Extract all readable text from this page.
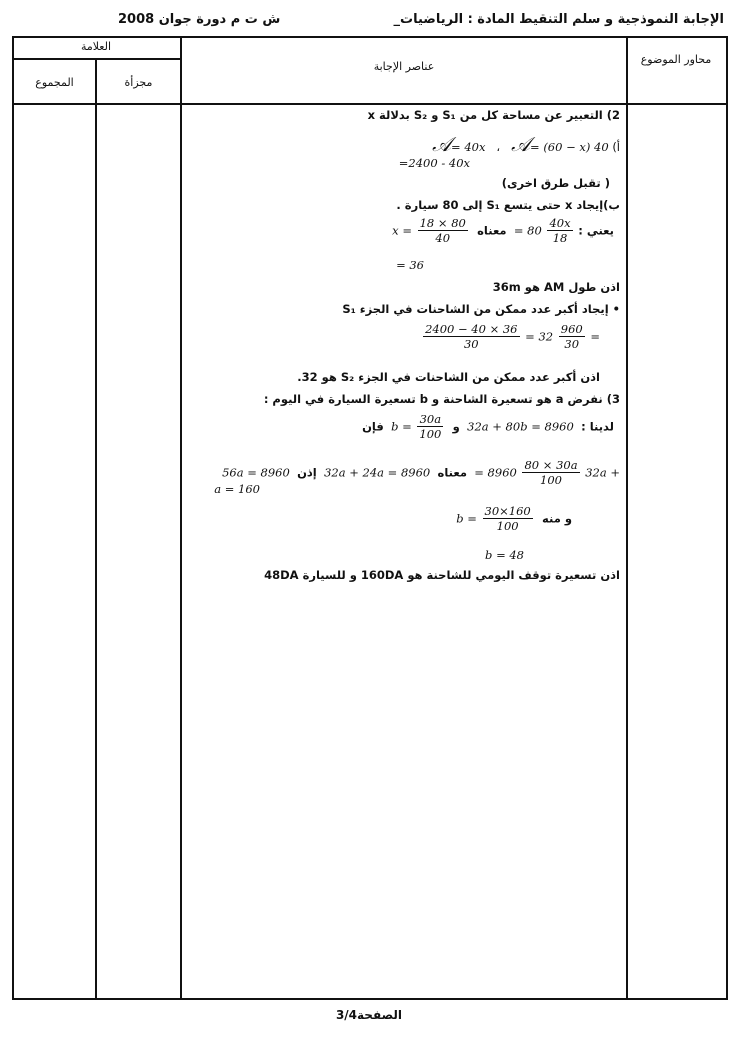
ش ت م دورة جوان 2008	_الإجابة النموذجية و سلم التنقيط المادة : الرياضيات
العلامة
مجزأة
المجموع
عناصر الإجابة
محاور الموضوع
2) التعبير عن مساحة كل من S₁ و S₂ بدلالة x
أ) 𝒜= 40x   ،   𝒜= (60 − x) 40
=2400 - 40x
( تقبل طرق اخرى)
ب)إيجاد x حتى يتسع S₁ إلى 80 سيارة .
يعني :
$\frac{40x}{18}$
= 80  معناه
$\frac{18 \times 80}{40}$
x =
= 36
اذن طول AM هو 36m
• إيجاد أكبر عدد ممكن من الشاحنات في الجزء S₁
= $32 \frac{960}{30}$ =
$\frac{2400 - 40 \times 36}{30}$
اذن أكبر عدد ممكن من الشاحنات في الجزء S₂ هو 32.
3) نفرض a هو تسعيرة الشاحنة و b تسعيرة السيارة في اليوم :
لدينا :  32a + 80b = 8960  و
$\frac{30a}{100}$
b =  فإن
= $8960 \frac{80 \times 30a}{100} 32a$ +  معناه  32a + 24a = 8960  إذن  56a = 8960
a = 160
و منه
$\frac{30\times 160}{100}$
b =
b = 48
اذن تسعيرة توقف اليومي للشاحنة هو 160DA و للسيارة 48DA
الصفحة3/4
